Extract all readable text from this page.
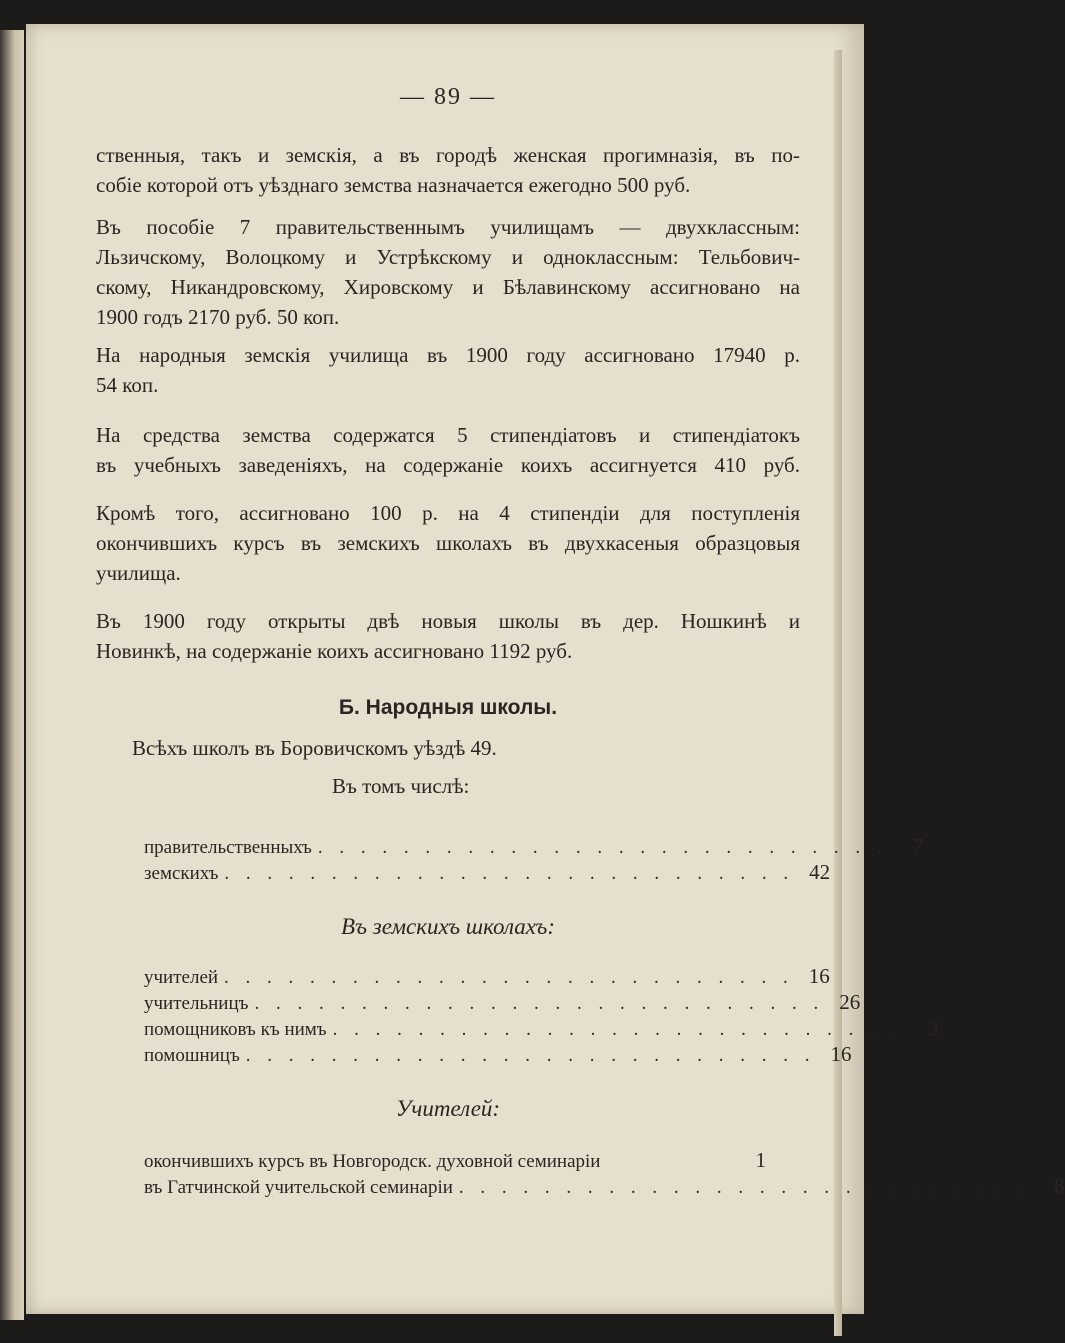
— 89 —
ственныя, такъ и земскія, а въ городѣ женская прогимназія, въ по-
собіе которой отъ уѣзднаго земства назначается ежегодно 500 руб.
Въ пособіе 7 правительственнымъ училищамъ — двухклассным:
Льзичскому, Волоцкому и Устрѣкскому и одноклассным: Тельбович-
скому, Никандровскому, Хировскому и Бѣлавинскому ассигновано на
1900 годъ 2170 руб. 50 коп.
На народныя земскія училища въ 1900 году ассигновано 17940 р.
54 коп.
На средства земства содержатся 5 стипендіатовъ и стипендіатокъ
въ учебныхъ заведеніяхъ, на содержаніе коихъ ассигнуется 410 руб.
Кромѣ того, ассигновано 100 р. на 4 стипендіи для поступленія
окончившихъ курсъ въ земскихъ школахъ въ двухкасеныя образцовыя
училища.
Въ 1900 году открыты двѣ новыя школы въ дер. Ношкинѣ и
Новинкѣ, на содержаніе коихъ ассигновано 1192 руб.
Б. Народныя школы.
Всѣхъ школъ въ Боровичскомъ уѣздѣ 49.
Въ томъ числѣ:
правительственныхъ . . . . . . . . . . . . . . . . . . . . . . . . . . .	7
земскихъ . . . . . . . . . . . . . . . . . . . . . . . . . . . 42
Въ земскихъ школахъ:
учителей . . . . . . . . . . . . . . . . . . . . . . . . . . . 16
учительницъ . . . . . . . . . . . . . . . . . . . . . . . . . . . 26
помощниковъ къ нимъ . . . . . . . . . . . . . . . . . . . . . . . . . . .	3
помошницъ . . . . . . . . . . . . . . . . . . . . . . . . . . . 16
Учителей:
окончившихъ курсъ въ Новгородск. духовной семинаріи	1
въ Гатчинской учительской семинаріи . . . . . . . . . . . . . . . . . . . . . . . . . . .	8
